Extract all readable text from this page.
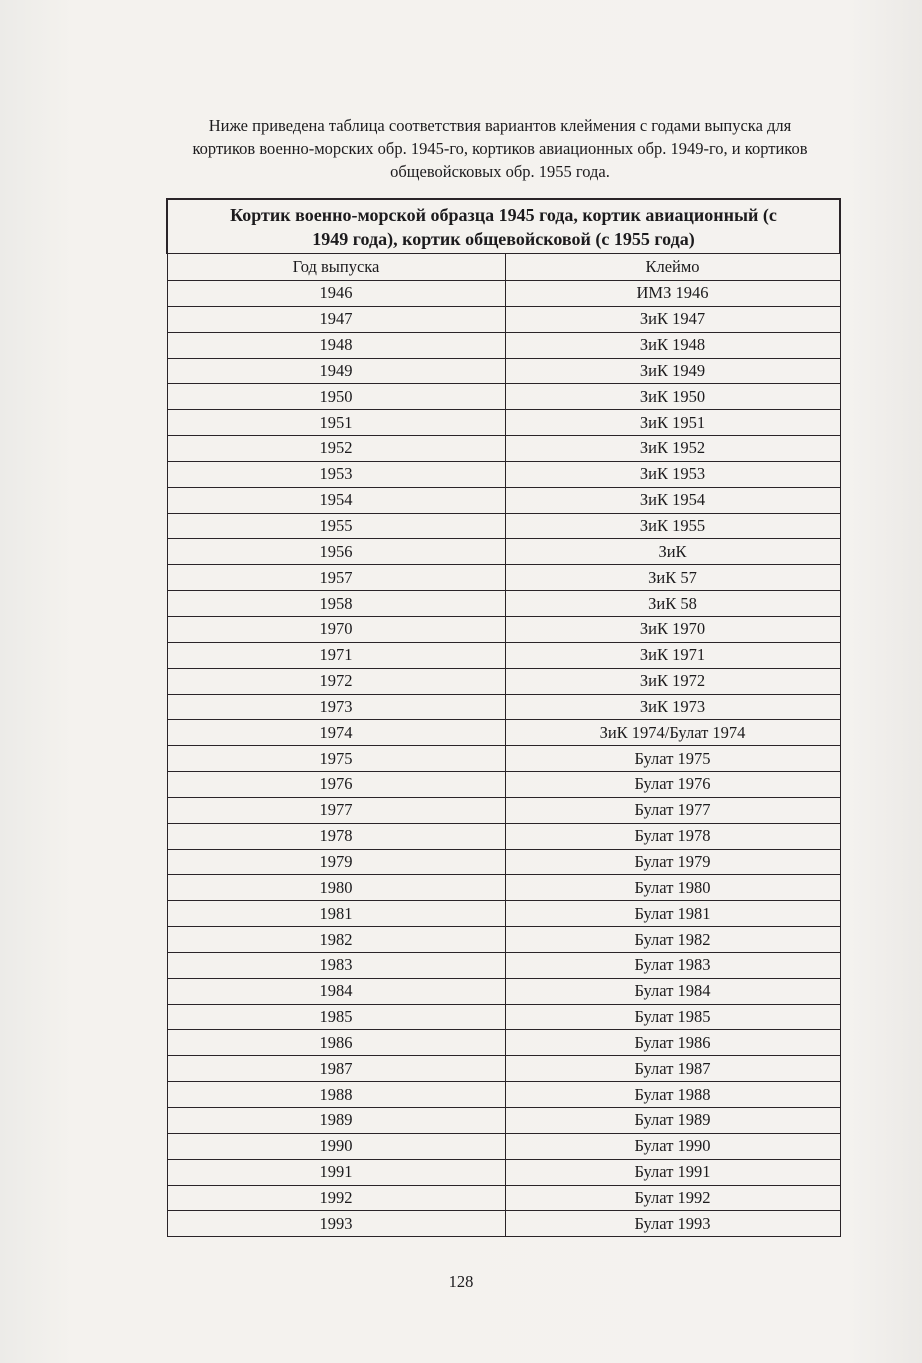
Ниже приведена таблица соответствия вариантов клеймения с годами выпуска для
кортиков военно-морских обр. 1945-го, кортиков авиационных обр. 1949-го, и кортиков
общевойсковых обр. 1955 года.
Кортик военно-морской образца 1945 года, кортик авиационный (с
1949 года), кортик общевойсковой (с 1955 года)	

Год выпуска	Клеймо
1946	ИМЗ 1946
1947	ЗиК 1947
1948	ЗиК 1948
1949	ЗиК 1949
1950	ЗиК 1950
1951	ЗиК 1951
1952	ЗиК 1952
1953	ЗиК 1953
1954	ЗиК 1954
1955	ЗиК 1955
1956	ЗиК
1957	ЗиК 57
1958	ЗиК 58
1970	ЗиК 1970
1971	ЗиК 1971
1972	ЗиК 1972
1973	ЗиК 1973
1974	ЗиК 1974/Булат 1974
1975	Булат 1975
1976	Булат 1976
1977	Булат 1977
1978	Булат 1978
1979	Булат 1979
1980	Булат 1980
1981	Булат 1981
1982	Булат 1982
1983	Булат 1983
1984	Булат 1984
1985	Булат 1985
1986	Булат 1986
1987	Булат 1987
1988	Булат 1988
1989	Булат 1989
1990	Булат 1990
1991	Булат 1991
1992	Булат 1992
1993	Булат 1993
128
